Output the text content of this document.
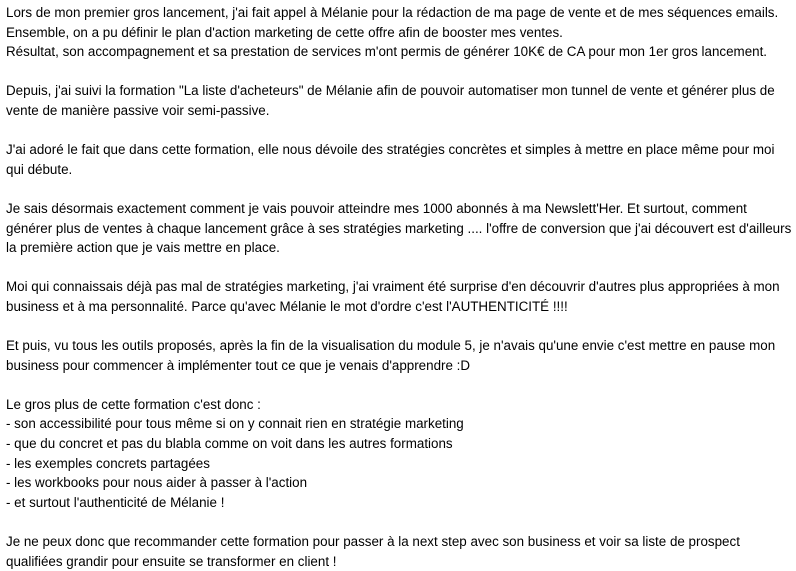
Lors de mon premier gros lancement, j'ai fait appel à Mélanie pour la rédaction de ma page de vente et de mes séquences emails.
Ensemble, on a pu définir le plan d'action marketing de cette offre afin de booster mes ventes.
Résultat, son accompagnement et sa prestation de services m'ont permis de générer 10K€ de CA pour mon 1er gros lancement.

Depuis, j'ai suivi la formation "La liste d'acheteurs" de Mélanie afin de pouvoir automatiser mon tunnel de vente et générer plus de
vente de manière passive voir semi-passive.

J'ai adoré le fait que dans cette formation, elle nous dévoile des stratégies concrètes et simples à mettre en place même pour moi
qui débute.

Je sais désormais exactement comment je vais pouvoir atteindre mes 1000 abonnés à ma Newslett'Her. Et surtout, comment
générer plus de ventes à chaque lancement grâce à ses stratégies marketing .... l'offre de conversion que j'ai découvert est d'ailleurs
la première action que je vais mettre en place.

Moi qui connaissais déjà pas mal de stratégies marketing, j'ai vraiment été surprise d'en découvrir d'autres plus appropriées à mon
business et à ma personnalité. Parce qu'avec Mélanie le mot d'ordre c'est l'AUTHENTICITÉ !!!!

Et puis, vu tous les outils proposés, après la fin de la visualisation du module 5, je n'avais qu'une envie c'est mettre en pause mon
business pour commencer à implémenter tout ce que je venais d'apprendre :D

Le gros plus de cette formation c'est donc :
- son accessibilité pour tous même si on y connait rien en stratégie marketing
- que du concret et pas du blabla comme on voit dans les autres formations
- les exemples concrets partagées
- les workbooks pour nous aider à passer à l'action
- et surtout l'authenticité de Mélanie !

Je ne peux donc que recommander cette formation pour passer à la next step avec son business et voir sa liste de prospect
qualifiées grandir pour ensuite se transformer en client !
